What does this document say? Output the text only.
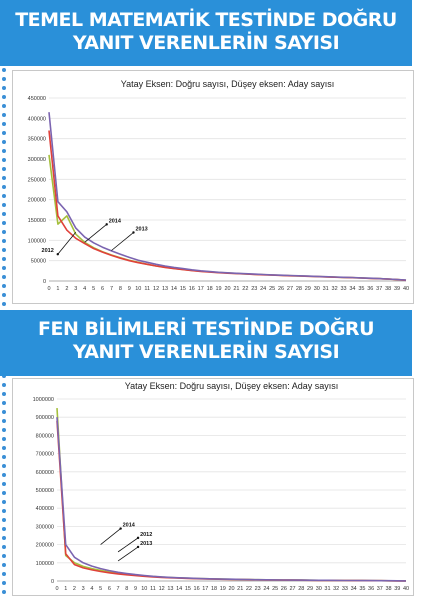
TEMEL MATEMATİK TESTİNDE DOĞRU
YANIT VERENLERİN SAYISI
Yatay Eksen: Doğru sayısı, Düşey eksen: Aday sayısı
0
50000
100000
150000
200000
250000
300000
350000
400000
450000
0 1 2 3 4 5 6 7 8 9 10 11 12 13 14 15 16 17 18 19 20 21 22 23 24 25 26 27 28 29 30 31 32 33 34 35 36 37 38 39 40
2014
2013
2012
FEN BİLİMLERİ TESTİNDE DOĞRU
YANIT VERENLERİN SAYISI
Yatay Eksen: Doğru sayısı, Düşey eksen: Aday sayısı
0
100000
200000
300000
400000
500000
600000
700000
800000
900000
1000000
0 1 2 3 4 5 6 7 8 9 10 11 12 13 14 15 16 17 18 19 20 21 22 23 24 25 26 27 28 29 30 31 32 33 34 35 36 37 38 39 40
2014
2012
2013
